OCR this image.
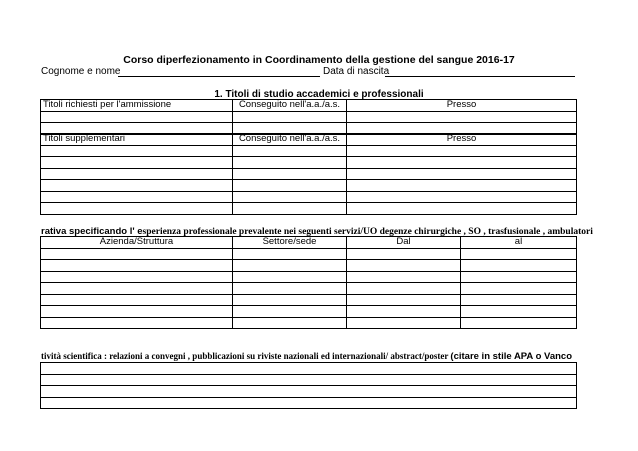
Corso diperfezionamento in Coordinamento della gestione del sangue 2016-17
Cognome e nome	Data di nascita
1. Titoli di studio accademici e professionali
Titoli richiesti per l'ammissione	Conseguito nell'a.a./a.s.	Presso

Titoli supplementari	Conseguito nell'a.a./a.s.	Presso

rativa specificando l' esperienza professionale prevalente nei seguenti servizi/UO degenze chirurgiche , SO , trasfusionale , ambulatori
Azienda/Struttura	Settore/sede	Dal	al

tività scientifica : relazioni a convegni , pubblicazioni su riviste nazionali ed internazionali/ abstract/poster (citare in stile APA o Vanco
